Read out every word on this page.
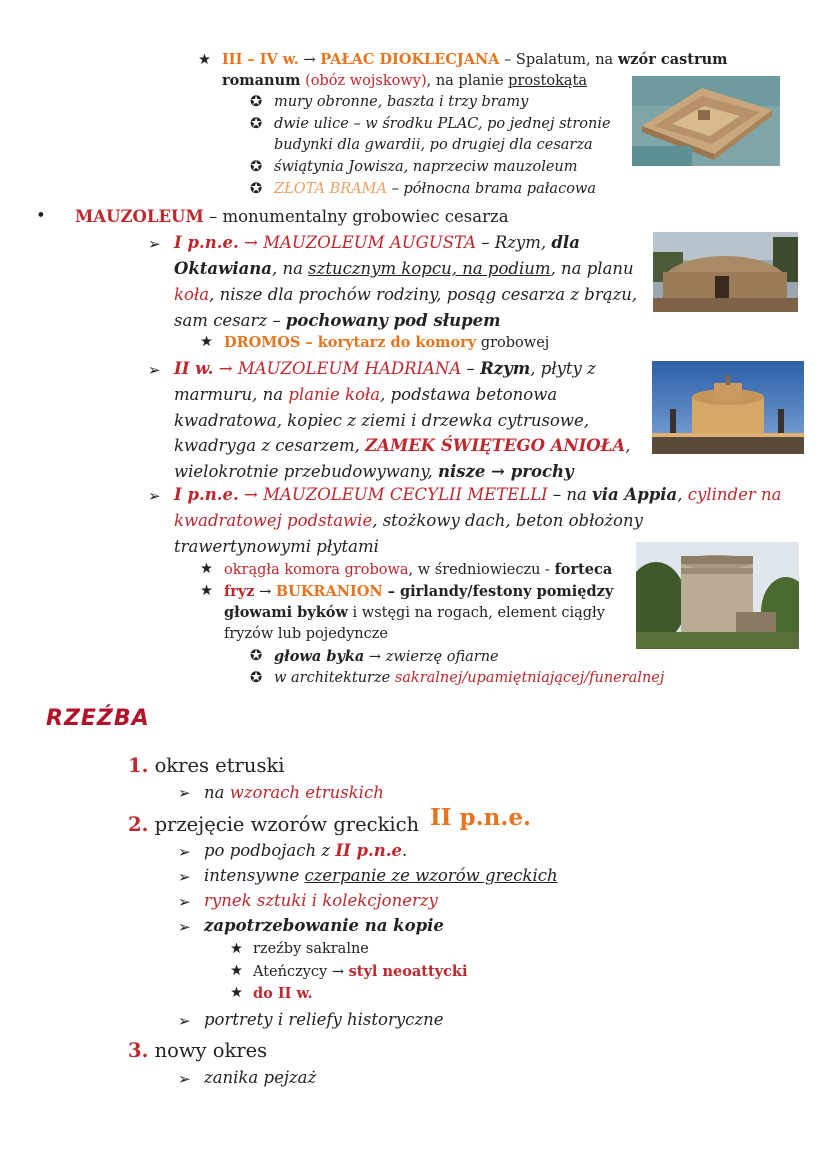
★ III – IV w. → PAŁAC DIOKLECJANA – Spalatum, na wzór castrum
romanum (obóz wojskowy), na planie prostokąta
✪ mury obronne, baszta i trzy bramy
✪ dwie ulice – w środku PLAC, po jednej stronie
budynki dla gwardii, po drugiej dla cesarza
✪ świątynia Jowisza, naprzeciw mauzoleum
✪ ZŁOTA BRAMA – północna brama pałacowa
• MAUZOLEUM – monumentalny grobowiec cesarza
➢ I p.n.e. → MAUZOLEUM AUGUSTA – Rzym, dla
Oktawiana, na sztucznym kopcu, na podium, na planu
koła, nisze dla prochów rodziny, posąg cesarza z brązu,
sam cesarz – pochowany pod słupem
★ DROMOS – korytarz do komory grobowej
➢ II w. → MAUZOLEUM HADRIANA – Rzym, płyty z
marmuru, na planie koła, podstawa betonowa
kwadratowa, kopiec z ziemi i drzewka cytrusowe,
kwadryga z cesarzem, ZAMEK ŚWIĘTEGO ANIOŁA,
wielokrotnie przebudowywany, nisze → prochy
➢ I p.n.e. → MAUZOLEUM CECYLII METELLI – na via Appia, cylinder na
kwadratowej podstawie, stożkowy dach, beton obłożony
trawertynowymi płytami
★ okrągła komora grobowa, w średniowieczu - forteca
★ fryz → BUKRANION – girlandy/festony pomiędzy
głowami byków i wstęgi na rogach, element ciągły
fryzów lub pojedyncze
✪ głowa byka → zwierzę ofiarne
✪ w architekturze sakralnej/upamiętniającej/funeralnej
RZEŹBA
1. okres etruski
➢ na wzorach etruskich
2. przejęcie wzorów greckich II p.n.e.
➢ po podbojach z II p.n.e.
➢ intensywne czerpanie ze wzorów greckich
➢ rynek sztuki i kolekcjonerzy
➢ zapotrzebowanie na kopie
★ rzeźby sakralne
★ Ateńczycy → styl neoattycki
★ do II w.
➢ portrety i reliefy historyczne
3. nowy okres
➢ zanika pejzaż
